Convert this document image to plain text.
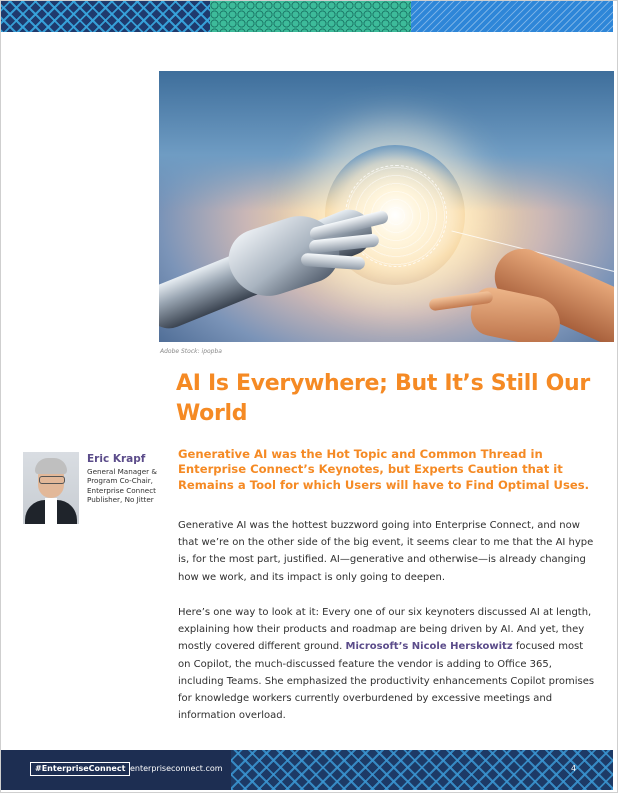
Adobe Stock: ipopba
AI Is Everywhere; But It’s Still Our World
Eric Krapf
General Manager & Program Co-Chair, Enterprise Connect Publisher, No Jitter
Generative AI was the Hot Topic and Common Thread in Enterprise Connect’s Keynotes, but Experts Caution that it Remains a Tool for which Users will have to Find Optimal Uses.

Generative AI was the hottest buzzword going into Enterprise Connect, and now that we’re on the other side of the big event, it seems clear to me that the AI hype is, for the most part, justified. AI—generative and otherwise—is already changing how we work, and its impact is only going to deepen.

Here’s one way to look at it: Every one of our six keynoters discussed AI at length, explaining how their products and roadmap are being driven by AI. And yet, they mostly covered different ground. Microsoft’s Nicole Herskowitz focused most on Copilot, the much-discussed feature the vendor is adding to Office 365, including Teams. She emphasized the productivity enhancements Copilot promises for knowledge workers currently overburdened by excessive meetings and information overload.

#EnterpriseConnect enterpriseconnect.com	4
